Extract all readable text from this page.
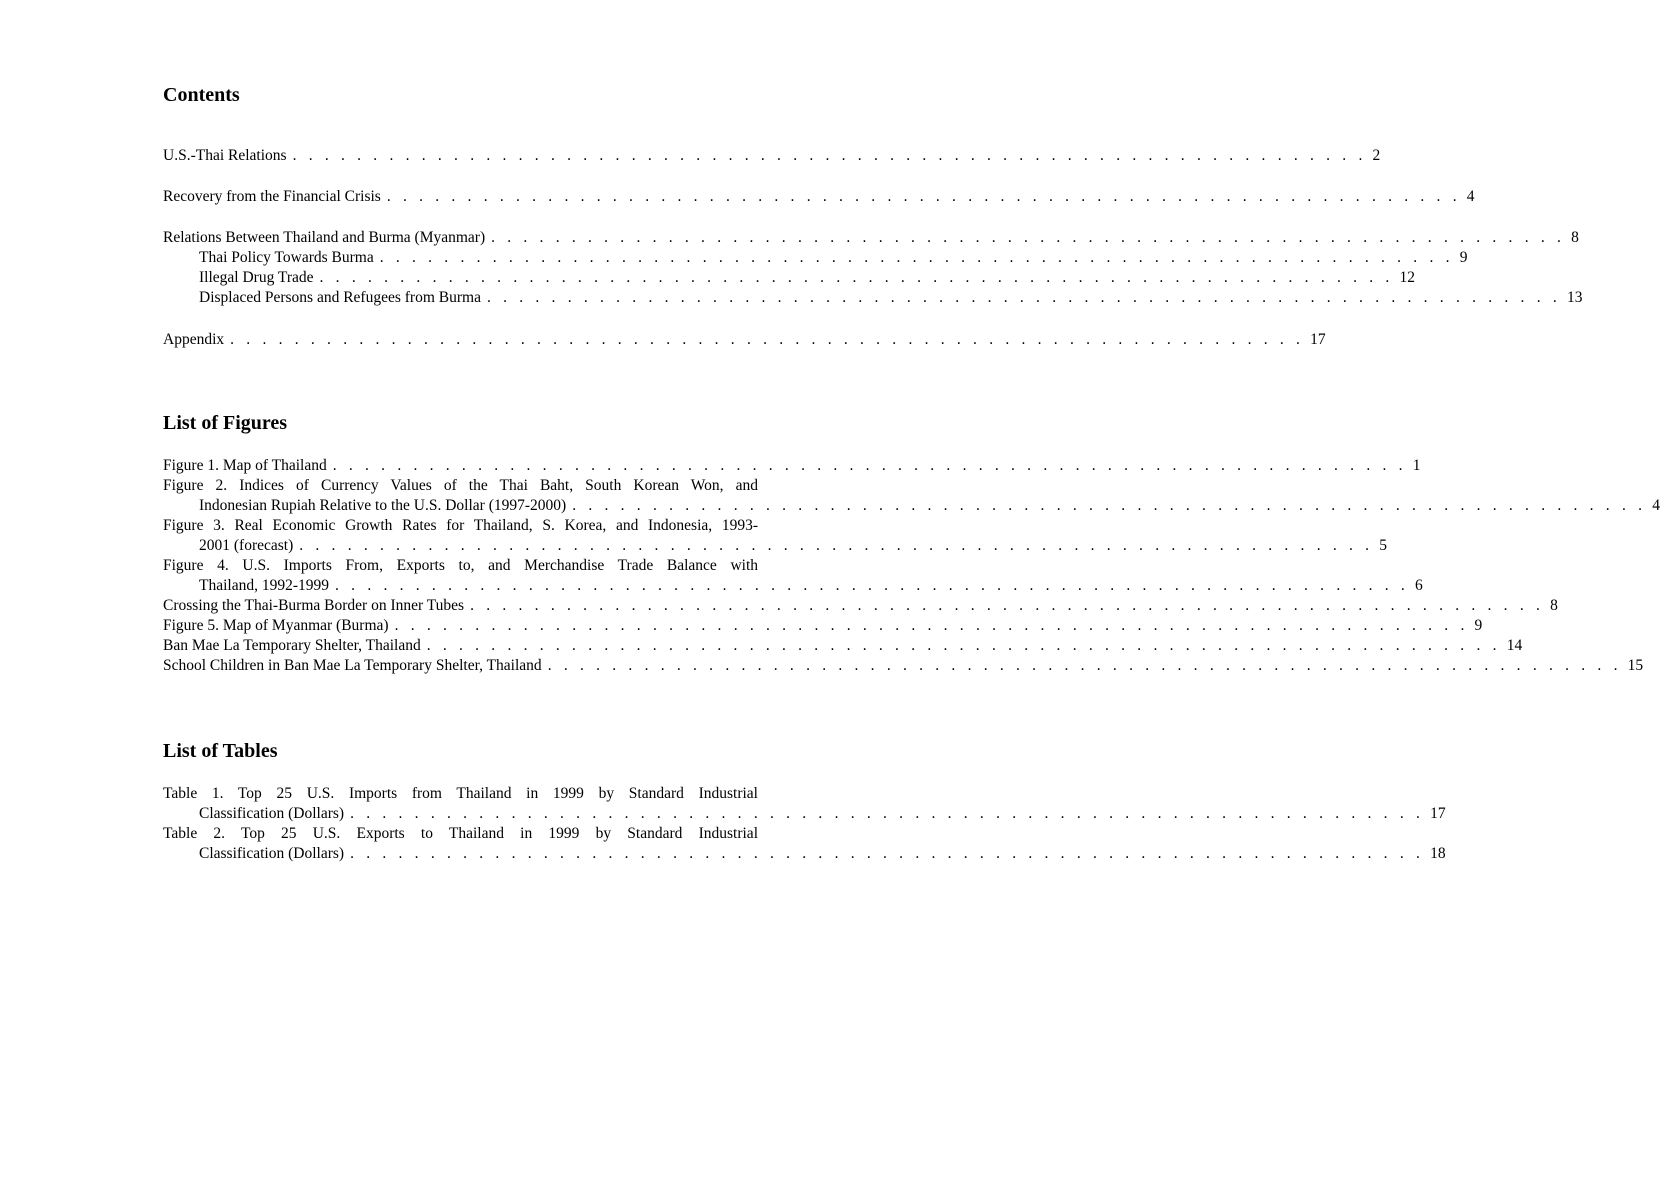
Contents
U.S.-Thai Relations . . . . . . . . . . . . . . . . . . . . . . . . . . . . . . . . . . . . . . . . . . . . . . . . . . . . . . . . . . . . . . . . . . . 2
Recovery from the Financial Crisis . . . . . . . . . . . . . . . . . . . . . . . . . . . . . . . . . . . . . . . . . . . . . . . . . . . . . . . . . . . . . . . . . . . 4
Relations Between Thailand and Burma (Myanmar) . . . . . . . . . . . . . . . . . . . . . . . . . . . . . . . . . . . . . . . . . . . . . . . . . . . . . . . . . . . . . . . . . . . 8
Thai Policy Towards Burma . . . . . . . . . . . . . . . . . . . . . . . . . . . . . . . . . . . . . . . . . . . . . . . . . . . . . . . . . . . . . . . . . . . 9
Illegal Drug Trade . . . . . . . . . . . . . . . . . . . . . . . . . . . . . . . . . . . . . . . . . . . . . . . . . . . . . . . . . . . . . . . . . . . 12
Displaced Persons and Refugees from Burma . . . . . . . . . . . . . . . . . . . . . . . . . . . . . . . . . . . . . . . . . . . . . . . . . . . . . . . . . . . . . . . . . . . 13
Appendix . . . . . . . . . . . . . . . . . . . . . . . . . . . . . . . . . . . . . . . . . . . . . . . . . . . . . . . . . . . . . . . . . . . 17
List of Figures
Figure 1. Map of Thailand . . . . . . . . . . . . . . . . . . . . . . . . . . . . . . . . . . . . . . . . . . . . . . . . . . . . . . . . . . . . . . . . . . . 1
Figure 2. Indices of Currency Values of the Thai Baht, South Korean Won, and
Indonesian Rupiah Relative to the U.S. Dollar (1997-2000) . . . . . . . . . . . . . . . . . . . . . . . . . . . . . . . . . . . . . . . . . . . . . . . . . . . . . . . . . . . . . . . . . . . 4
Figure 3. Real Economic Growth Rates for Thailand, S. Korea, and Indonesia, 1993-
2001 (forecast) . . . . . . . . . . . . . . . . . . . . . . . . . . . . . . . . . . . . . . . . . . . . . . . . . . . . . . . . . . . . . . . . . . . 5
Figure 4. U.S. Imports From, Exports to, and Merchandise Trade Balance with
Thailand, 1992-1999 . . . . . . . . . . . . . . . . . . . . . . . . . . . . . . . . . . . . . . . . . . . . . . . . . . . . . . . . . . . . . . . . . . . 6
Crossing the Thai-Burma Border on Inner Tubes . . . . . . . . . . . . . . . . . . . . . . . . . . . . . . . . . . . . . . . . . . . . . . . . . . . . . . . . . . . . . . . . . . . 8
Figure 5. Map of Myanmar (Burma) . . . . . . . . . . . . . . . . . . . . . . . . . . . . . . . . . . . . . . . . . . . . . . . . . . . . . . . . . . . . . . . . . . . 9
Ban Mae La Temporary Shelter, Thailand . . . . . . . . . . . . . . . . . . . . . . . . . . . . . . . . . . . . . . . . . . . . . . . . . . . . . . . . . . . . . . . . . . . 14
School Children in Ban Mae La Temporary Shelter, Thailand . . . . . . . . . . . . . . . . . . . . . . . . . . . . . . . . . . . . . . . . . . . . . . . . . . . . . . . . . . . . . . . . . . . 15
List of Tables
Table 1. Top 25 U.S. Imports from Thailand in 1999 by Standard Industrial
Classification (Dollars) . . . . . . . . . . . . . . . . . . . . . . . . . . . . . . . . . . . . . . . . . . . . . . . . . . . . . . . . . . . . . . . . . . . 17
Table 2. Top 25 U.S. Exports to Thailand in 1999 by Standard Industrial
Classification (Dollars) . . . . . . . . . . . . . . . . . . . . . . . . . . . . . . . . . . . . . . . . . . . . . . . . . . . . . . . . . . . . . . . . . . . 18
